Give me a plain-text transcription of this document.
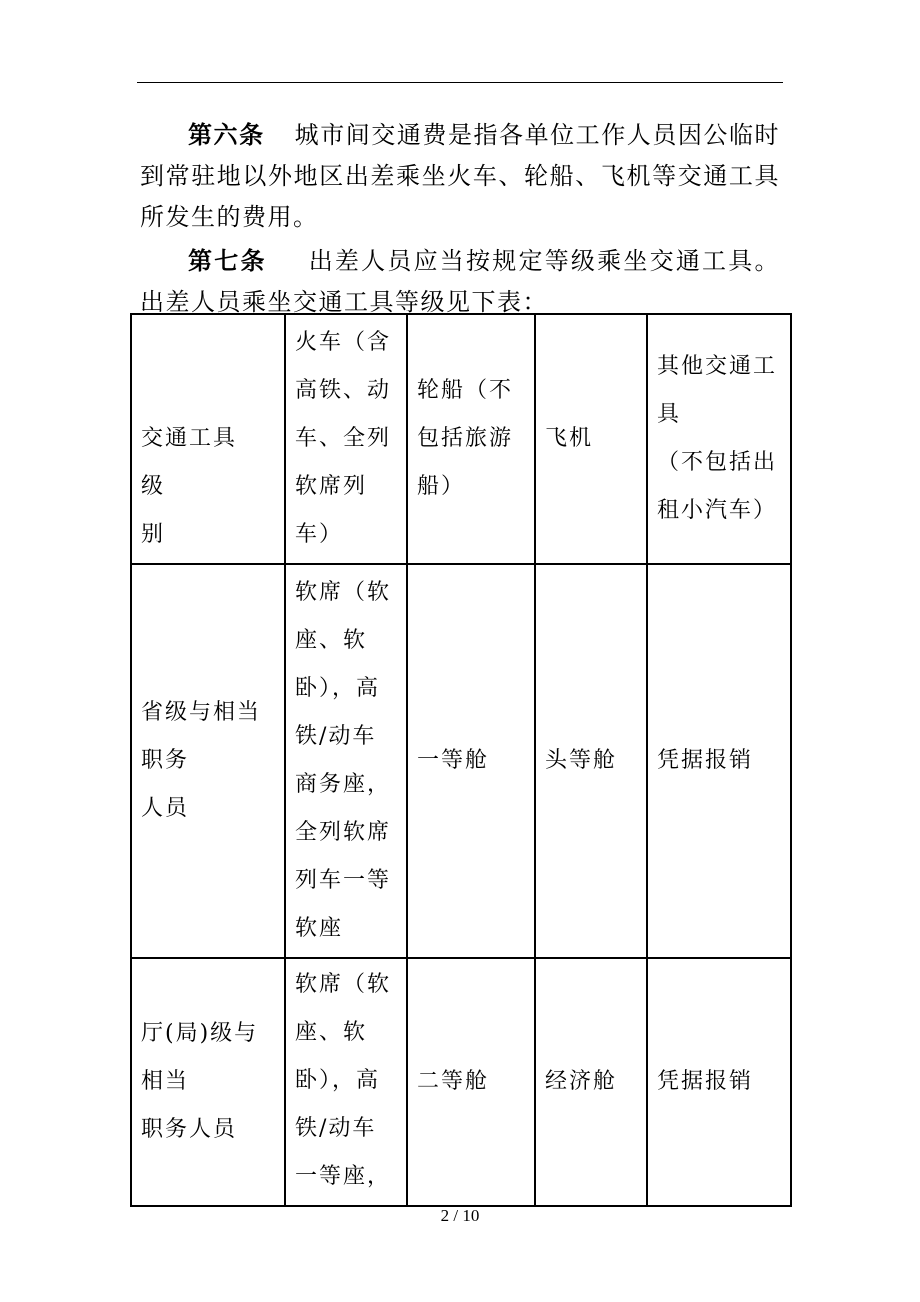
第六条 城市间交通费是指各单位工作人员因公临时到常驻地以外地区出差乘坐火车、轮船、飞机等交通工具所发生的费用。

第七条 出差人员应当按规定等级乘坐交通工具。出差人员乘坐交通工具等级见下表：

交通工具
级
别	火车（含高铁、动车、全列软席列车）	轮船（不包括旅游船）	飞机	其他交通工具
（不包括出租小汽车）
省级与相当
职务
人员	软席（软座、软卧），高铁/动车商务座，全列软席列车一等软座	一等舱	头等舱	凭据报销
厅(局)级与
相当
职务人员	软席（软座、软卧），高铁/动车一等座，	二等舱	经济舱	凭据报销
2 / 10
